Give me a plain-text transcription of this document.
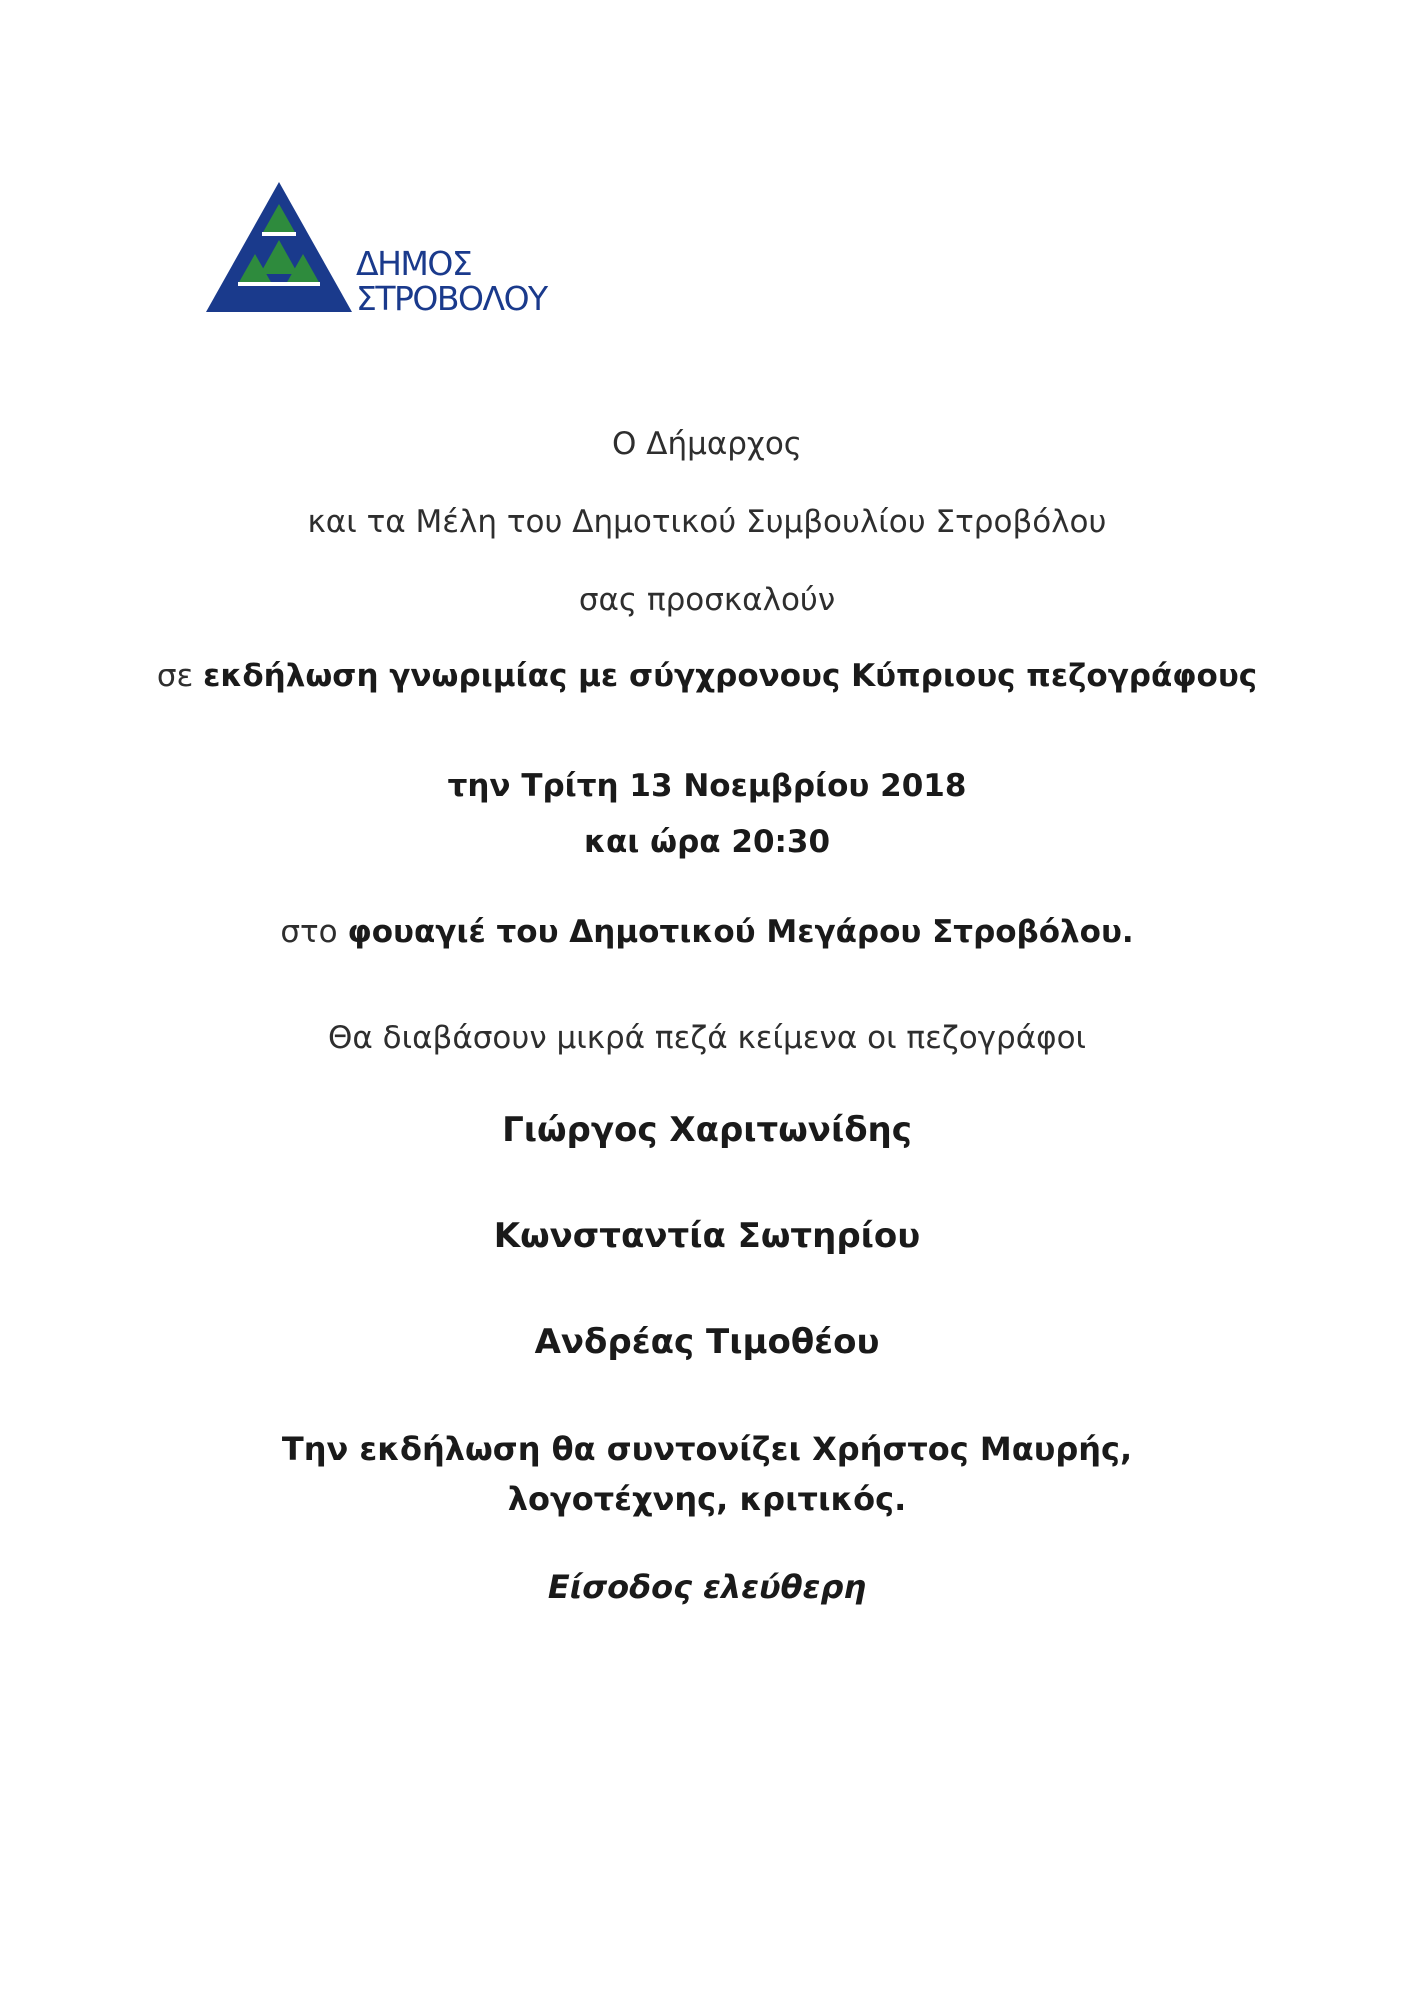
ΔΗΜΟΣ
ΣΤΡΟΒΟΛΟΥ
Ο Δήμαρχος
και τα Μέλη του Δημοτικού Συμβουλίου Στροβόλου
σας προσκαλούν
σε εκδήλωση γνωριμίας με σύγχρονους Κύπριους πεζογράφους
την Τρίτη 13 Νοεμβρίου 2018
και ώρα 20:30
στο φουαγιέ του Δημοτικού Μεγάρου Στροβόλου.
Θα διαβάσουν μικρά πεζά κείμενα οι πεζογράφοι
Γιώργος Χαριτωνίδης
Κωνσταντία Σωτηρίου
Ανδρέας Τιμοθέου
Την εκδήλωση θα συντονίζει Χρήστος Μαυρής,
λογοτέχνης, κριτικός.
Είσοδος ελεύθερη
